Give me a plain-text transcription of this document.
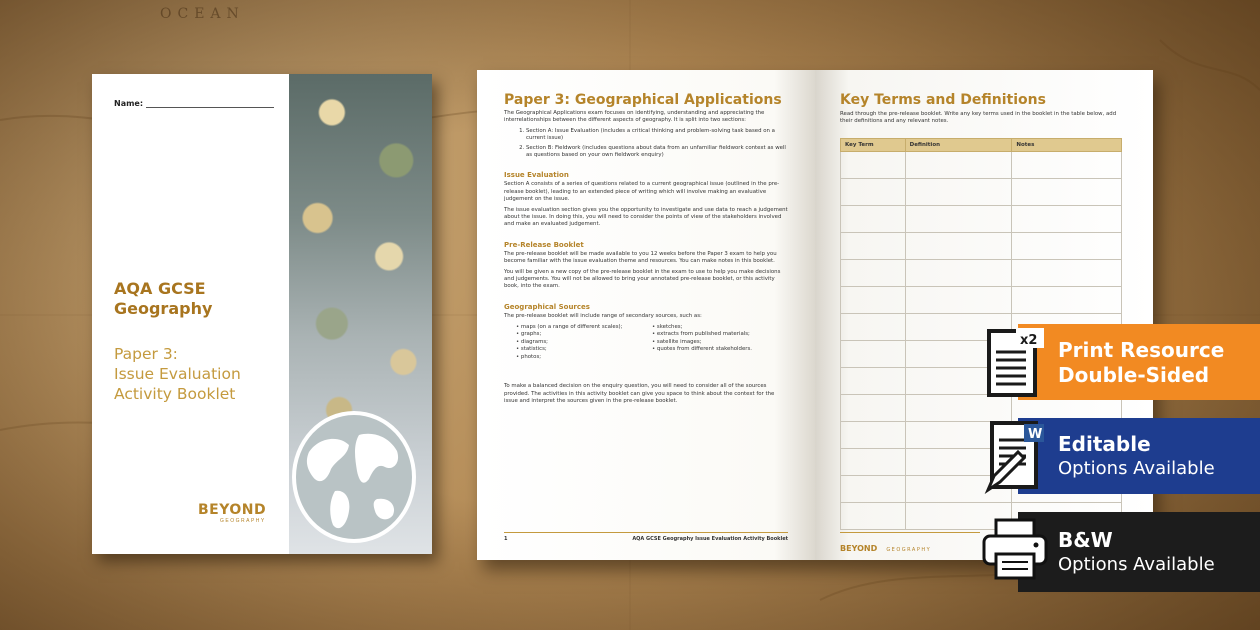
OCEAN
Name:
AQA GCSE
Geography
Paper 3:
Issue Evaluation
Activity Booklet
BEYOND
GEOGRAPHY
Paper 3: Geographical Applications

The Geographical Applications exam focuses on identifying, understanding and appreciating the interrelationships between the different aspects of geography. It is split into two sections:

1. Section A: Issue Evaluation (includes a critical thinking and problem-solving task based on a current issue)
2. Section B: Fieldwork (includes questions about data from an unfamiliar fieldwork context as well as questions based on your own fieldwork enquiry)
Issue Evaluation

Section A consists of a series of questions related to a current geographical issue (outlined in the pre-release booklet), leading to an extended piece of writing which will involve making an evaluative judgement on the issue.

The issue evaluation section gives you the opportunity to investigate and use data to reach a judgement about the issue. In doing this, you will need to consider the points of view of the stakeholders involved and make an evaluated judgement.

Pre-Release Booklet

The pre-release booklet will be made available to you 12 weeks before the Paper 3 exam to help you become familiar with the issue evaluation theme and resources. You can make notes in this booklet.

You will be given a new copy of the pre-release booklet in the exam to use to help you make decisions and judgements. You will not be allowed to bring your annotated pre-release booklet, or this activity book, into the exam.

Geographical Sources

The pre-release booklet will include range of secondary sources, such as:

• maps (on a range of different scales);
• graphs;
• diagrams;
• statistics;
• photos;
• sketches;
• extracts from published materials;
• satellite images;
• quotes from different stakeholders.

To make a balanced decision on the enquiry question, you will need to consider all of the sources provided. The activities in this activity booklet can give you space to think about the context for the issue and interpret the sources given in the pre-release booklet.

1	AQA GCSE Geography Issue Evaluation Activity Booklet
Key Terms and Definitions

Read through the pre-release booklet. Write any key terms used in the booklet in the table below, add their definitions and any relevant notes.

Key Term	Definition	Notes

BEYOND GEOGRAPHY
Print Resource
Double-Sided
x2
Editable
Options Available
W
B&W
Options Available
